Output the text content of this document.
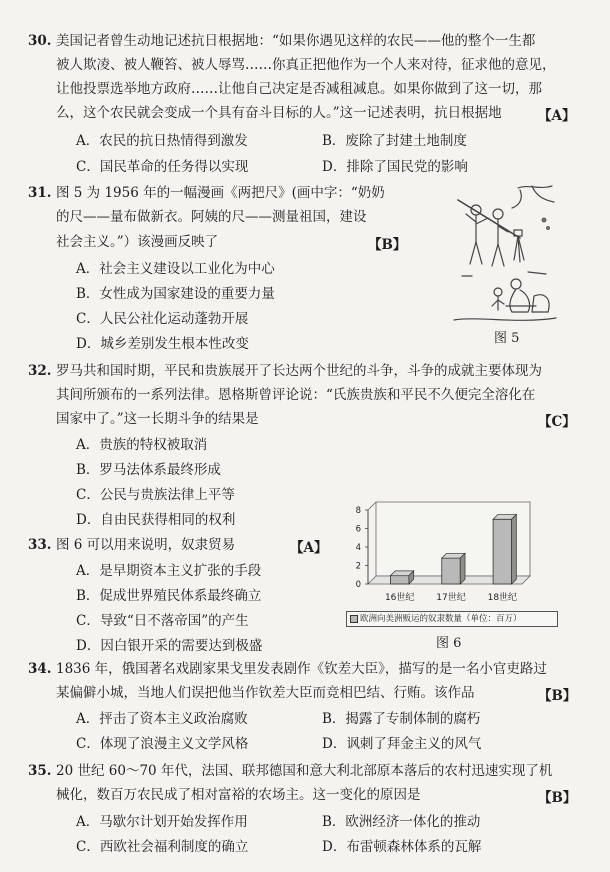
30. 美国记者曾生动地记述抗日根据地：“如果你遇见这样的农民——他的整个一生都
被人欺凌、被人鞭笞、被人辱骂……你真正把他作为一个人来对待，征求他的意见，
让他投票选举地方政府……让他自己决定是否减租减息。如果你做到了这一切，那
么，这个农民就会变成一个具有奋斗目标的人。”这一记述表明，抗日根据地	【A】
A．农民的抗日热情得到激发	B．废除了封建土地制度
C．国民革命的任务得以实现	D．排除了国民党的影响
31. 图 5 为 1956 年的一幅漫画《两把尺》(画中字：“奶奶
的尺——量布做新衣。阿姨的尺——测量祖国，建设
社会主义。”）该漫画反映了	【B】
A．社会主义建设以工业化为中心
B．女性成为国家建设的重要力量
C．人民公社化运动蓬勃开展
D．城乡差别发生根本性改变	图 5
32. 罗马共和国时期，平民和贵族展开了长达两个世纪的斗争，斗争的成就主要体现为
其间所颁布的一系列法律。恩格斯曾评论说：“氏族贵族和平民不久便完全溶化在
国家中了。”这一长期斗争的结果是	【C】
A．贵族的特权被取消
B．罗马法体系最终形成
C．公民与贵族法律上平等
D．自由民获得相同的权利
33. 图 6 可以用来说明，奴隶贸易	【A】
A．是早期资本主义扩张的手段
B．促成世界殖民体系最终确立
C．导致“日不落帝国”的产生
D．因白银开采的需要达到极盛
0
2
4
6
8
16世纪 17世纪 18世纪
欧洲向美洲贩运的奴隶数量（单位：百万）
图 6
34. 1836 年，俄国著名戏剧家果戈里发表剧作《钦差大臣》，描写的是一名小官吏路过
某偏僻小城，当地人们误把他当作钦差大臣而竞相巴结、行贿。该作品	【B】
A．抨击了资本主义政治腐败	B．揭露了专制体制的腐朽
C．体现了浪漫主义文学风格	D．讽刺了拜金主义的风气
35. 20 世纪 60～70 年代，法国、联邦德国和意大利北部原本落后的农村迅速实现了机
械化，数百万农民成了相对富裕的农场主。这一变化的原因是	【B】
A．马歇尔计划开始发挥作用	B．欧洲经济一体化的推动
C．西欧社会福利制度的确立	D．布雷顿森林体系的瓦解
